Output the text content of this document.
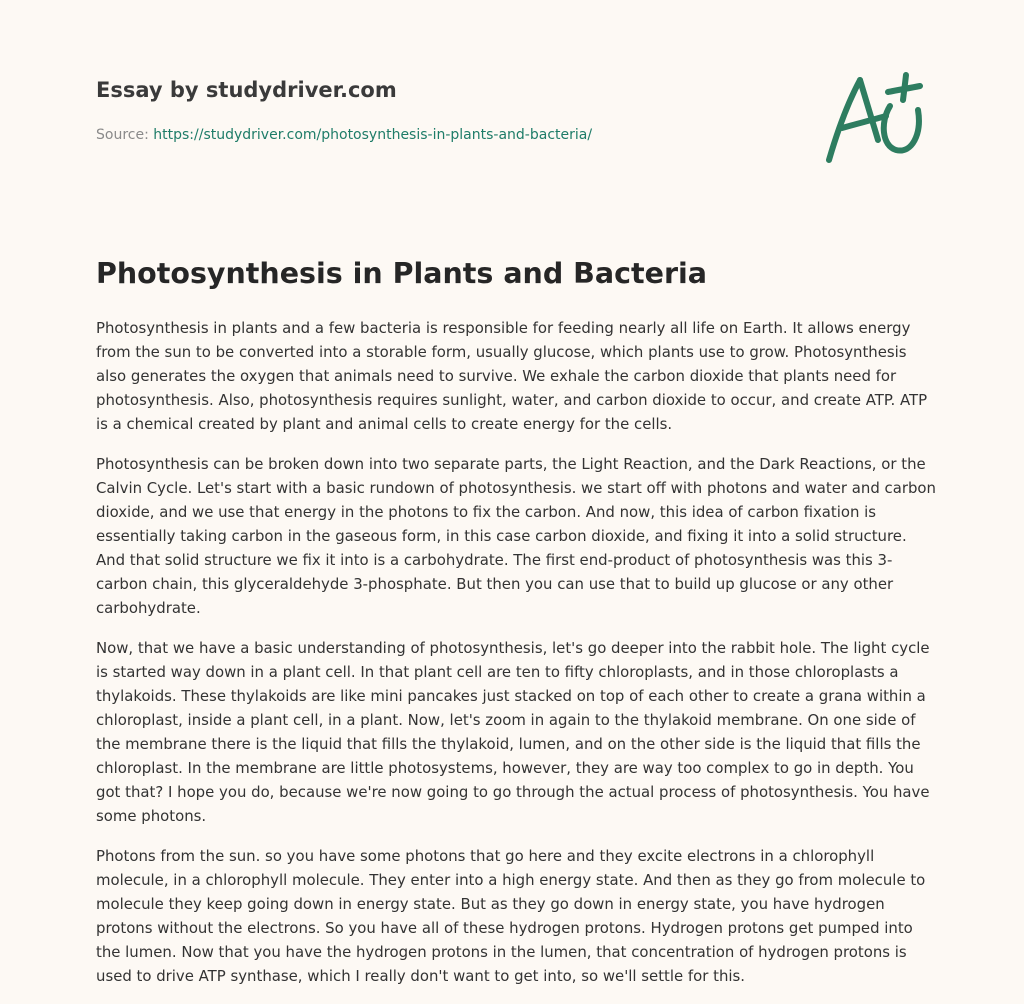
Essay by studydriver.com
Source: https://studydriver.com/photosynthesis-in-plants-and-bacteria/
Photosynthesis in Plants and Bacteria

Photosynthesis in plants and a few bacteria is responsible for feeding nearly all life on Earth. It allows energy from the sun to be converted into a storable form, usually glucose, which plants use to grow. Photosynthesis also generates the oxygen that animals need to survive. We exhale the carbon dioxide that plants need for photosynthesis. Also, photosynthesis requires sunlight, water, and carbon dioxide to occur, and create ATP. ATP is a chemical created by plant and animal cells to create energy for the cells.

Photosynthesis can be broken down into two separate parts, the Light Reaction, and the Dark Reactions, or the Calvin Cycle. Let's start with a basic rundown of photosynthesis. we start off with photons and water and carbon dioxide, and we use that energy in the photons to fix the carbon. And now, this idea of carbon fixation is essentially taking carbon in the gaseous form, in this case carbon dioxide, and fixing it into a solid structure. And that solid structure we fix it into is a carbohydrate. The first end-product of photosynthesis was this 3-carbon chain, this glyceraldehyde 3-phosphate. But then you can use that to build up glucose or any other carbohydrate.

Now, that we have a basic understanding of photosynthesis, let's go deeper into the rabbit hole. The light cycle is started way down in a plant cell. In that plant cell are ten to fifty chloroplasts, and in those chloroplasts a thylakoids. These thylakoids are like mini pancakes just stacked on top of each other to create a grana within a chloroplast, inside a plant cell, in a plant. Now, let's zoom in again to the thylakoid membrane. On one side of the membrane there is the liquid that fills the thylakoid, lumen, and on the other side is the liquid that fills the chloroplast. In the membrane are little photosystems, however, they are way too complex to go in depth. You got that? I hope you do, because we're now going to go through the actual process of photosynthesis. You have some photons.

Photons from the sun. so you have some photons that go here and they excite electrons in a chlorophyll molecule, in a chlorophyll molecule. They enter into a high energy state. And then as they go from molecule to molecule they keep going down in energy state. But as they go down in energy state, you have hydrogen protons without the electrons. So you have all of these hydrogen protons. Hydrogen protons get pumped into the lumen. Now that you have the hydrogen protons in the lumen, that concentration of hydrogen protons is used to drive ATP synthase, which I really don't want to get into, so we'll settle for this.
